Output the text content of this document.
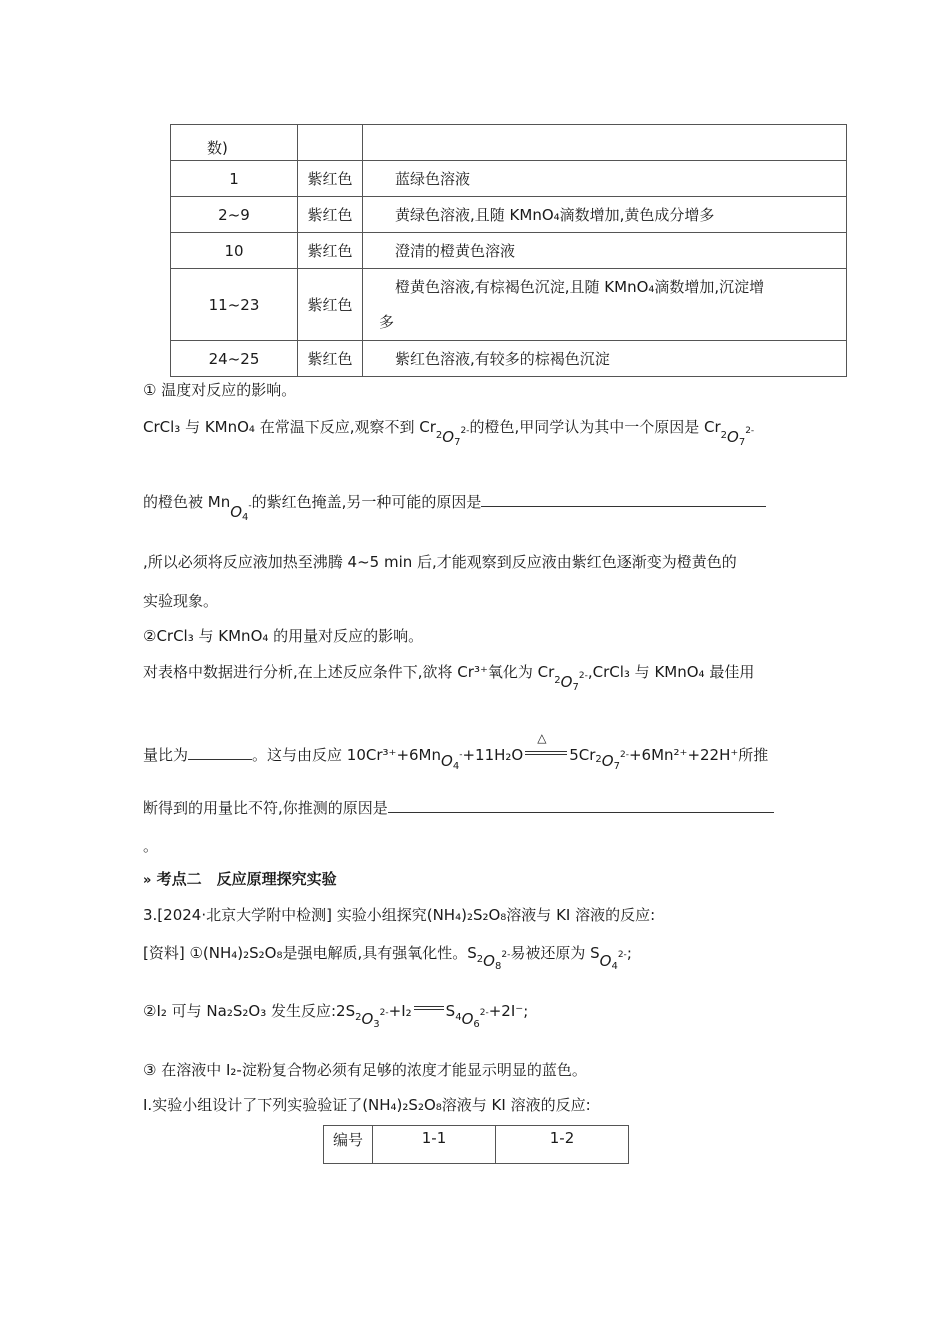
数)		
1	紫红色	蓝绿色溶液
2~9	紫红色	黄绿色溶液,且随 KMnO₄滴数增加,黄色成分增多
10	紫红色	澄清的橙黄色溶液
11~23	紫红色	橙黄色溶液,有棕褐色沉淀,且随 KMnO₄滴数增加,沉淀增
多

24~25	紫红色	紫红色溶液,有较多的棕褐色沉淀
① 温度对反应的影响。
CrCl₃ 与 KMnO₄ 在常温下反应,观察不到 $Cr_2O_72-$的橙色,甲同学认为其中一个原因是 $Cr_2O_72-$
的橙色被 MnO$_4$-的紫红色掩盖,另一种可能的原因是
,所以必须将反应液加热至沸腾 4~5 min 后,才能观察到反应液由紫红色逐渐变为橙黄色的
实验现象。
②CrCl₃ 与 KMnO₄ 的用量对反应的影响。
对表格中数据进行分析,在上述反应条件下,欲将 Cr³⁺氧化为 $Cr_2O_72-,CrCl_3$ 与 KMnO₄ 最佳用
量比为	。这与由反应 10Cr³⁺+6MnO$_4$-+11H₂O
△
$5Cr2O_7^{2-}+6Mn^{2+}+22H^+$所推
断得到的用量比不符,你推测的原因是
。
» 考点二　反应原理探究实验
3.[2024·北京大学附中检测] 实验小组探究(NH₄)₂S₂O₈溶液与 KI 溶液的反应:
[资料] ①(NH₄)₂S₂O₈是强电解质,具有强氧化性。$S_2O_82-$易被还原为 $SO_42-$;
②I₂ 可与 Na₂S₂O₃ 发生反应$:2S_2O_32-+I_2$ $S_4O_62-+2I^-$;
③ 在溶液中 I₂-淀粉复合物必须有足够的浓度才能显示明显的蓝色。
I.实验小组设计了下列实验验证了(NH₄)₂S₂O₈溶液与 KI 溶液的反应:
编号	1-1	1-2
